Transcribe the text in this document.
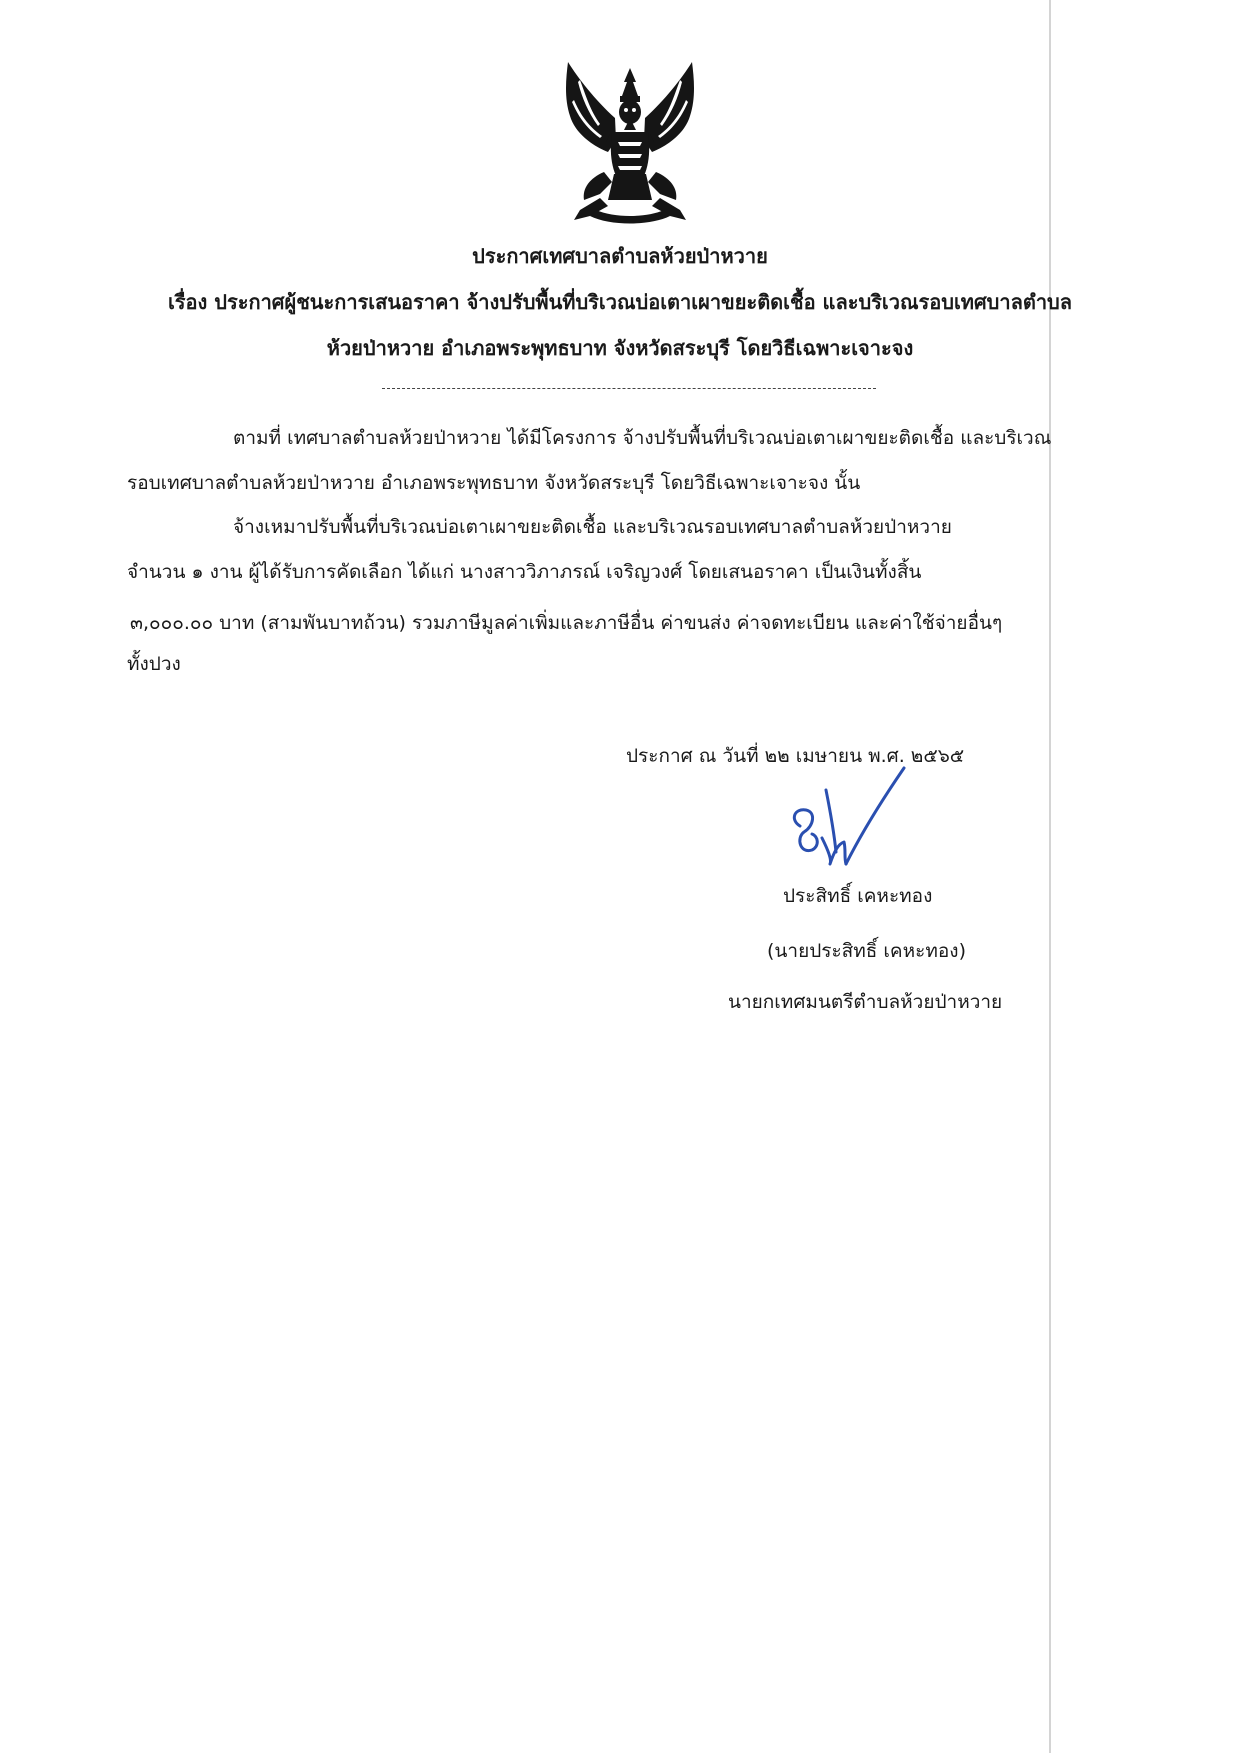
ประกาศเทศบาลตำบลห้วยป่าหวาย
เรื่อง ประกาศผู้ชนะการเสนอราคา จ้างปรับพื้นที่บริเวณบ่อเตาเผาขยะติดเชื้อ และบริเวณรอบเทศบาลตำบล
ห้วยป่าหวาย อำเภอพระพุทธบาท จังหวัดสระบุรี โดยวิธีเฉพาะเจาะจง
ตามที่ เทศบาลตำบลห้วยป่าหวาย ได้มีโครงการ จ้างปรับพื้นที่บริเวณบ่อเตาเผาขยะติดเชื้อ และบริเวณ
รอบเทศบาลตำบลห้วยป่าหวาย อำเภอพระพุทธบาท จังหวัดสระบุรี โดยวิธีเฉพาะเจาะจง นั้น
จ้างเหมาปรับพื้นที่บริเวณบ่อเตาเผาขยะติดเชื้อ และบริเวณรอบเทศบาลตำบลห้วยป่าหวาย
จำนวน ๑ งาน ผู้ได้รับการคัดเลือก ได้แก่ นางสาววิภาภรณ์ เจริญวงศ์ โดยเสนอราคา เป็นเงินทั้งสิ้น
๓,๐๐๐.๐๐ บาท (สามพันบาทถ้วน) รวมภาษีมูลค่าเพิ่มและภาษีอื่น ค่าขนส่ง ค่าจดทะเบียน และค่าใช้จ่ายอื่นๆ
ทั้งปวง
ประกาศ ณ วันที่ ๒๒ เมษายน พ.ศ. ๒๕๖๕
ประสิทธิ์ เคหะทอง
(นายประสิทธิ์ เคหะทอง)
นายกเทศมนตรีตำบลห้วยป่าหวาย
